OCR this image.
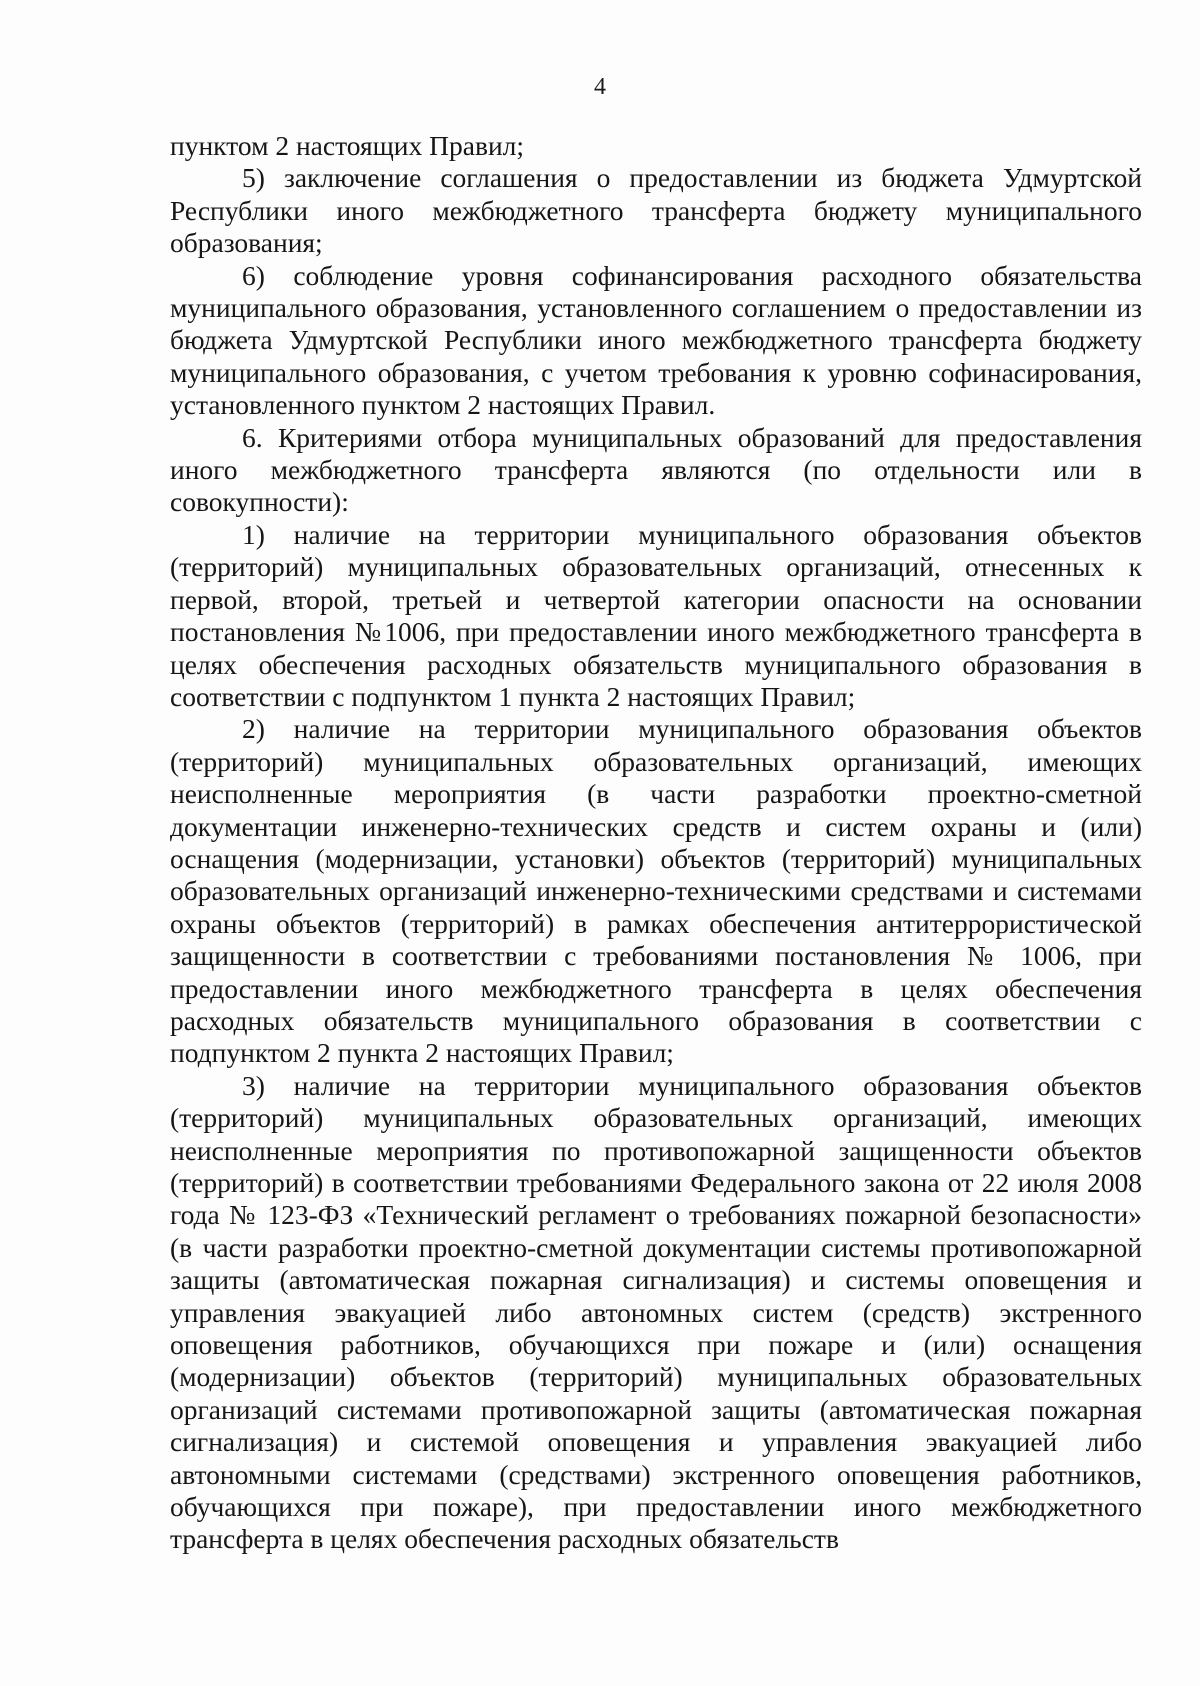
4

пунктом 2 настоящих Правил;

5) заключение соглашения о предоставлении из бюджета Удмуртской Республики иного межбюджетного трансферта бюджету муниципального образования;

6) соблюдение уровня софинансирования расходного обязательства муниципального образования, установленного соглашением о предоставлении из бюджета Удмуртской Республики иного межбюджетного трансферта бюджету муниципального образования, с учетом требования к уровню софинасирования, установленного пунктом 2 настоящих Правил.

6. Критериями отбора муниципальных образований для предоставления иного межбюджетного трансферта являются (по отдельности или в совокупности):

1) наличие на территории муниципального образования объектов (территорий) муниципальных образовательных организаций, отнесенных к первой, второй, третьей и четвертой категории опасности на основании постановления №1006, при предоставлении иного межбюджетного трансферта в целях обеспечения расходных обязательств муниципального образования в соответствии с подпунктом 1 пункта 2 настоящих Правил;

2) наличие на территории муниципального образования объектов (территорий) муниципальных образовательных организаций, имеющих неисполненные мероприятия (в части разработки проектно-сметной документации инженерно-технических средств и систем охраны и (или) оснащения (модернизации, установки) объектов (территорий) муниципальных образовательных организаций инженерно-техническими средствами и системами охраны объектов (территорий) в рамках обеспечения антитеррористической защищенности в соответствии с требованиями постановления № 1006, при предоставлении иного межбюджетного трансферта в целях обеспечения расходных обязательств муниципального образования в соответствии с подпунктом 2 пункта 2 настоящих Правил;

3) наличие на территории муниципального образования объектов (территорий) муниципальных образовательных организаций, имеющих неисполненные мероприятия по противопожарной защищенности объектов (территорий) в соответствии требованиями Федерального закона от 22 июля 2008 года № 123-ФЗ «Технический регламент о требованиях пожарной безопасности» (в части разработки проектно-сметной документации системы противопожарной защиты (автоматическая пожарная сигнализация) и системы оповещения и управления эвакуацией либо автономных систем (средств) экстренного оповещения работников, обучающихся при пожаре и (или) оснащения (модернизации) объектов (территорий) муниципальных образовательных организаций системами противопожарной защиты (автоматическая пожарная сигнализация) и системой оповещения и управления эвакуацией либо автономными системами (средствами) экстренного оповещения работников, обучающихся при пожаре), при предоставлении иного межбюджетного трансферта в целях обеспечения расходных обязательств
